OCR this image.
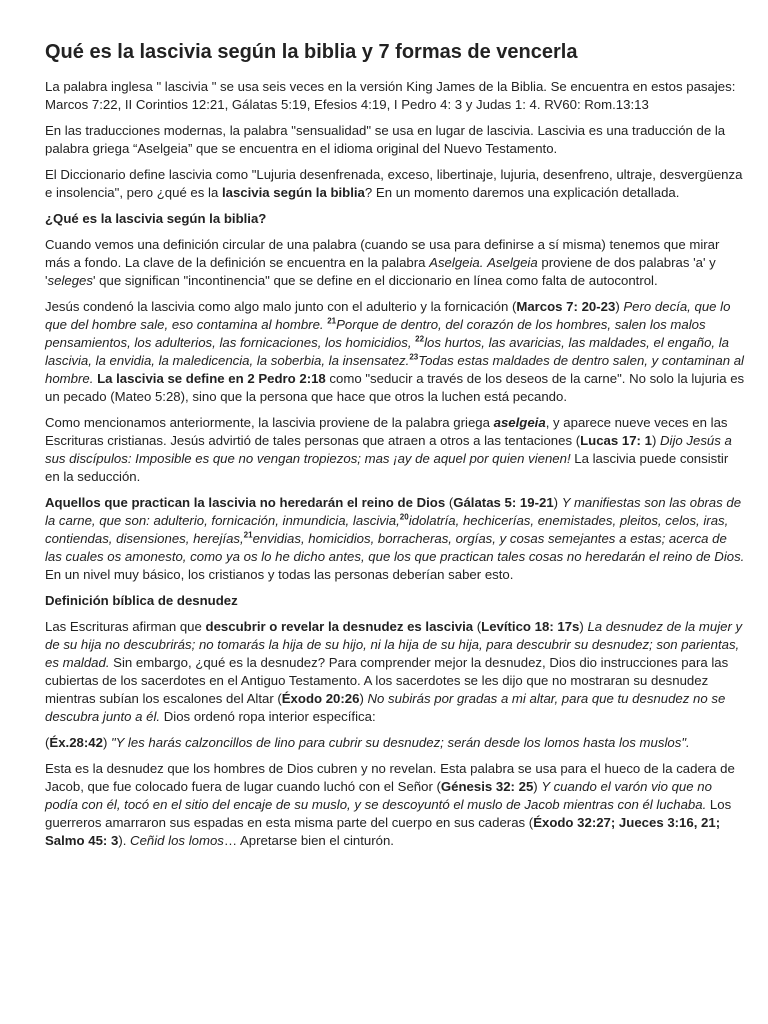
Qué es la lascivia según la biblia y 7 formas de vencerla

La palabra inglesa " lascivia " se usa seis veces en la versión King James de la Biblia. Se encuentra en estos pasajes: Marcos 7:22, II Corintios 12:21, Gálatas 5:19, Efesios 4:19, I Pedro 4: 3 y Judas 1: 4. RV60: Rom.13:13

En las traducciones modernas, la palabra "sensualidad" se usa en lugar de lascivia. Lascivia es una traducción de la palabra griega “Aselgeia” que se encuentra en el idioma original del Nuevo Testamento.

El Diccionario define lascivia como "Lujuria desenfrenada, exceso, libertinaje, lujuria, desenfreno, ultraje, desvergüenza e insolencia", pero ¿qué es la lascivia según la biblia? En un momento daremos una explicación detallada.

¿Qué es la lascivia según la biblia?

Cuando vemos una definición circular de una palabra (cuando se usa para definirse a sí misma) tenemos que mirar más a fondo. La clave de la definición se encuentra en la palabra Aselgeia. Aselgeia proviene de dos palabras 'a' y 'seleges' que significan "incontinencia" que se define en el diccionario en línea como falta de autocontrol.

Jesús condenó la lascivia como algo malo junto con el adulterio y la fornicación (Marcos 7: 20-23) Pero decía, que lo que del hombre sale, eso contamina al hombre. $^{21}$Porque de dentro, del corazón de los hombres, salen los malos pensamientos, los adulterios, las fornicaciones, los homicidios, $^{22}$los hurtos, las avaricias, las maldades, el engaño, la lascivia, la envidia, la maledicencia, la soberbia, la insensatez.$^{23}$Todas estas maldades de dentro salen, y contaminan al hombre. La lascivia se define en 2 Pedro 2:18 como "seducir a través de los deseos de la carne". No solo la lujuria es un pecado (Mateo 5:28), sino que la persona que hace que otros la luchen está pecando.

Como mencionamos anteriormente, la lascivia proviene de la palabra griega aselgeia, y aparece nueve veces en las Escrituras cristianas. Jesús advirtió de tales personas que atraen a otros a las tentaciones (Lucas 17: 1) Dijo Jesús a sus discípulos: Imposible es que no vengan tropiezos; mas ¡ay de aquel por quien vienen! La lascivia puede consistir en la seducción.

Aquellos que practican la lascivia no heredarán el reino de Dios (Gálatas 5: 19-21) Y manifiestas son las obras de la carne, que son: adulterio, fornicación, inmundicia, lascivia,$^{20}$idolatría, hechicerías, enemistades, pleitos, celos, iras, contiendas, disensiones, herejías,$^{21}$envidias, homicidios, borracheras, orgías, y cosas semejantes a estas; acerca de las cuales os amonesto, como ya os lo he dicho antes, que los que practican tales cosas no heredarán el reino de Dios. En un nivel muy básico, los cristianos y todas las personas deberían saber esto.

Definición bíblica de desnudez

Las Escrituras afirman que descubrir o revelar la desnudez es lascivia (Levítico 18: 17s) La desnudez de la mujer y de su hija no descubrirás; no tomarás la hija de su hijo, ni la hija de su hija, para descubrir su desnudez; son parientas, es maldad. Sin embargo, ¿qué es la desnudez? Para comprender mejor la desnudez, Dios dio instrucciones para las cubiertas de los sacerdotes en el Antiguo Testamento. A los sacerdotes se les dijo que no mostraran su desnudez mientras subían los escalones del Altar (Éxodo 20:26) No subirás por gradas a mi altar, para que tu desnudez no se descubra junto a él. Dios ordenó ropa interior específica:

(Éx.28:42) "Y les harás calzoncillos de lino para cubrir su desnudez; serán desde los lomos hasta los muslos".

Esta es la desnudez que los hombres de Dios cubren y no revelan. Esta palabra se usa para el hueco de la cadera de Jacob, que fue colocado fuera de lugar cuando luchó con el Señor (Génesis 32: 25) Y cuando el varón vio que no podía con él, tocó en el sitio del encaje de su muslo, y se descoyuntó el muslo de Jacob mientras con él luchaba. Los guerreros amarraron sus espadas en esta misma parte del cuerpo en sus caderas (Éxodo 32:27; Jueces 3:16, 21; Salmo 45: 3). Ceñid los lomos… Apretarse bien el cinturón.
